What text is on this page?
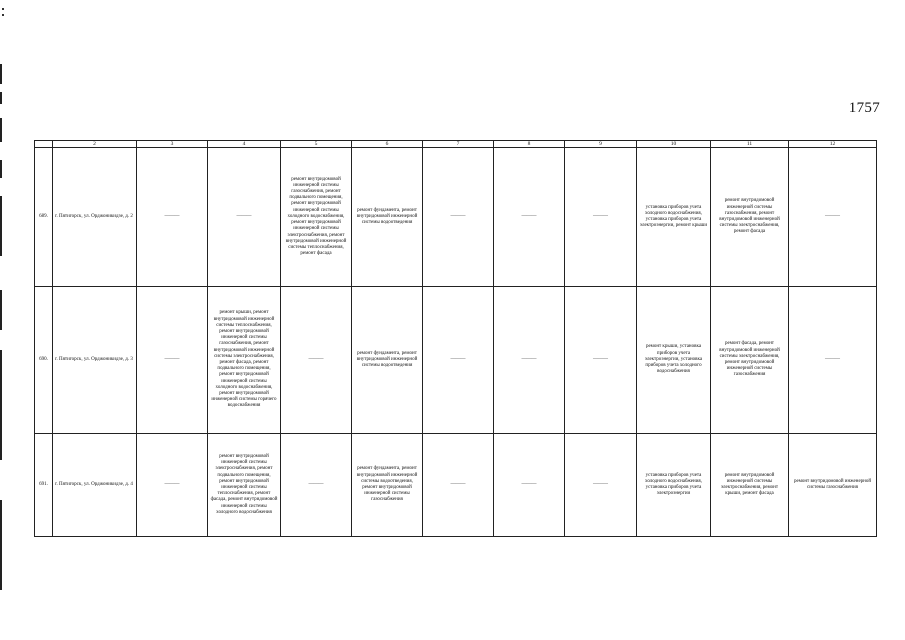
1757
	2	3	4	5	6	7	8	9	10	11	12
689.	г. Пятигорск, ул. Орджоникидзе, д. 2	———	———	ремонт внутридомовой инженерной системы газоснабжения, ремонт подвального помещения, ремонт внутридомовой инженерной системы холодного водоснабжения, ремонт внутридомовой инженерной системы электроснабжения, ремонт внутридомовой инженерной системы теплоснабжения, ремонт фасада	ремонт фундамента, ремонт внутридомовой инженерной системы водоотведения	———	———	———	установка приборов учета холодного водоснабжения, установка приборов учета электроэнергии, ремонт крыши	ремонт внутридомовой инженерной системы газоснабжения, ремонт внутридомовой инженерной системы электроснабжения, ремонт фасада	———
690.	г. Пятигорск, ул. Орджоникидзе, д. 3	———	ремонт крыши, ремонт внутридомовой инженерной системы теплоснабжения, ремонт внутридомовой инженерной системы газоснабжения, ремонт внутридомовой инженерной системы электроснабжения, ремонт фасада, ремонт подвального помещения, ремонт внутридомовой инженерной системы холодного водоснабжения, ремонт внутридомовой инженерной системы горячего водоснабжения	———	ремонт фундамента, ремонт внутридомовой инженерной системы водоотведения	———	———	———	ремонт крыши, установка приборов учета электроэнергии, установка приборов учета холодного водоснабжения	ремонт фасада, ремонт внутридомовой инженерной системы электроснабжения, ремонт внутридомовой инженерной системы газоснабжения	———
691.	г. Пятигорск, ул. Орджоникидзе, д. 4	———	ремонт внутридомовой инженерной системы электроснабжения, ремонт подвального помещения, ремонт внутридомовой инженерной системы теплоснабжения, ремонт фасада, ремонт внутридомовой инженерной системы холодного водоснабжения	———	ремонт фундамента, ремонт внутридомовой инженерной системы водоотведения, ремонт внутридомовой инженерной системы газоснабжения	———	———	———	установка приборов учета холодного водоснабжения, установка приборов учета электроэнергии	ремонт внутридомовой инженерной системы электроснабжения, ремонт крыши, ремонт фасада	ремонт внутридомовой инженерной системы газоснабжения
